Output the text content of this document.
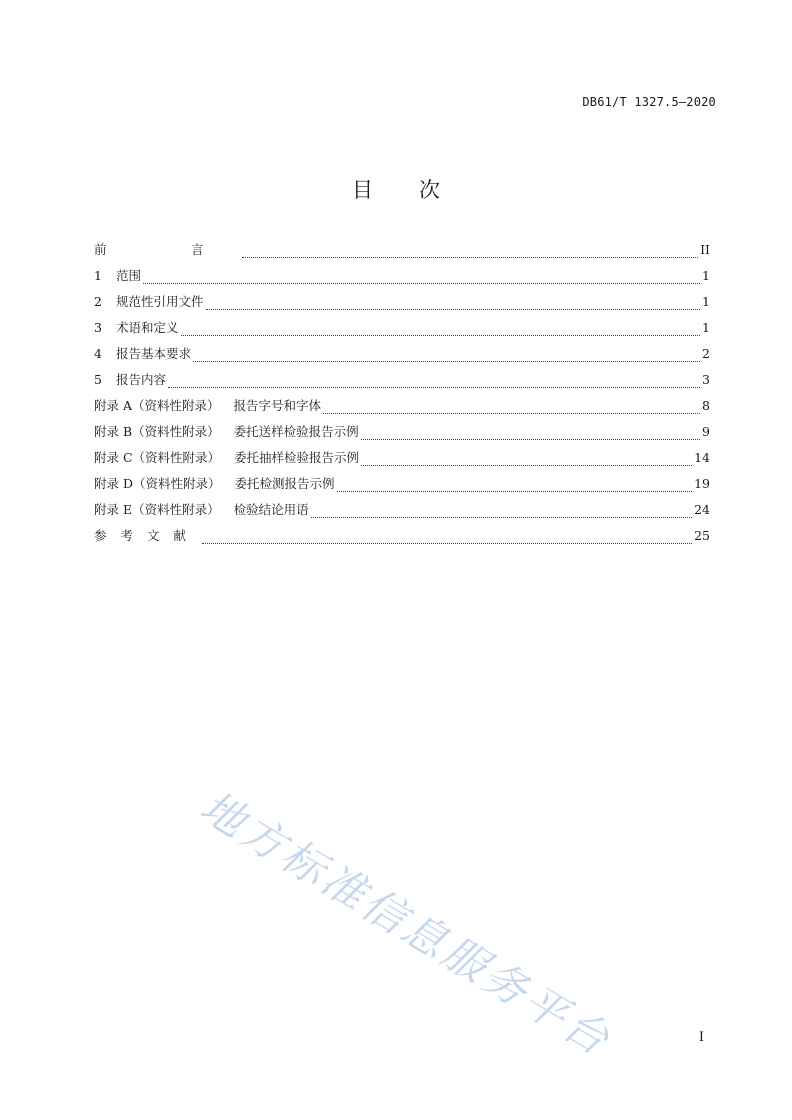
DB61/T 1327.5—2020
目 次
前　言	II
1 范围	1
2 规范性引用文件	1
3 术语和定义	1
4 报告基本要求	2
5 报告内容	3
附录 A（资料性附录） 报告字号和字体	8
附录 B（资料性附录） 委托送样检验报告示例	9
附录 C（资料性附录） 委托抽样检验报告示例	14
附录 D（资料性附录） 委托检测报告示例	19
附录 E（资料性附录） 检验结论用语	24
参考文献	25
地方标准信息服务平台	I
